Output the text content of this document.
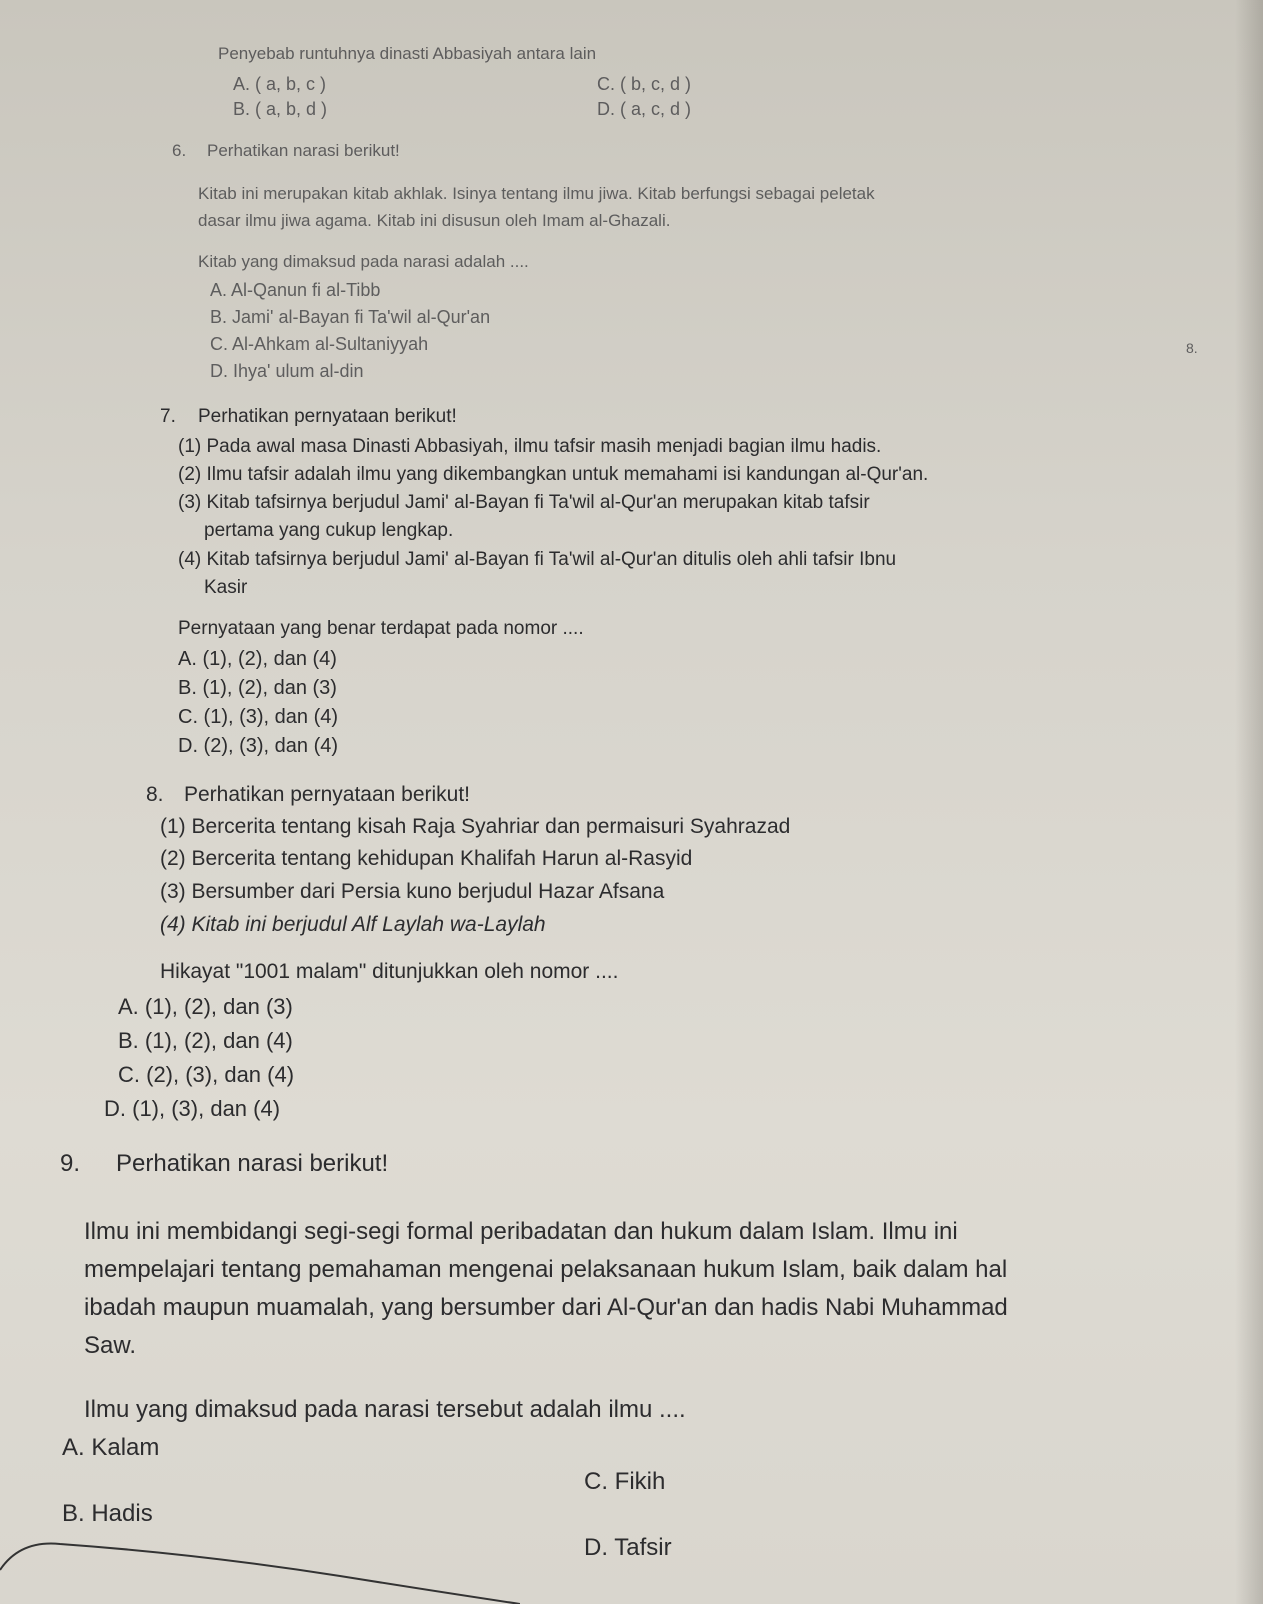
Penyebab runtuhnya dinasti Abbasiyah antara lain
A. ( a, b, c )	C. ( b, c, d )
B. ( a, b, d )	D. ( a, c, d )
6. Perhatikan narasi berikut!
Kitab ini merupakan kitab akhlak. Isinya tentang ilmu jiwa. Kitab berfungsi sebagai peletak
dasar ilmu jiwa agama. Kitab ini disusun oleh Imam al-Ghazali.
Kitab yang dimaksud pada narasi adalah ....
A. Al-Qanun fi al-Tibb
B. Jami' al-Bayan fi Ta'wil al-Qur'an
C. Al-Ahkam al-Sultaniyyah
D. Ihya' ulum al-din
8.
7. Perhatikan pernyataan berikut!
(1) Pada awal masa Dinasti Abbasiyah, ilmu tafsir masih menjadi bagian ilmu hadis.
(2) Ilmu tafsir adalah ilmu yang dikembangkan untuk memahami isi kandungan al-Qur'an.
(3) Kitab tafsirnya berjudul Jami' al-Bayan fi Ta'wil al-Qur'an merupakan kitab tafsir
pertama yang cukup lengkap.
(4) Kitab tafsirnya berjudul Jami' al-Bayan fi Ta'wil al-Qur'an ditulis oleh ahli tafsir Ibnu
Kasir
Pernyataan yang benar terdapat pada nomor ....
A. (1), (2), dan (4)
B. (1), (2), dan (3)
C. (1), (3), dan (4)
D. (2), (3), dan (4)
8. Perhatikan pernyataan berikut!
(1) Bercerita tentang kisah Raja Syahriar dan permaisuri Syahrazad
(2) Bercerita tentang kehidupan Khalifah Harun al-Rasyid
(3) Bersumber dari Persia kuno berjudul Hazar Afsana
(4) Kitab ini berjudul Alf Laylah wa-Laylah
Hikayat "1001 malam" ditunjukkan oleh nomor ....
A. (1), (2), dan (3)
B. (1), (2), dan (4)
C. (2), (3), dan (4)
D. (1), (3), dan (4)
9. Perhatikan narasi berikut!
Ilmu ini membidangi segi-segi formal peribadatan dan hukum dalam Islam. Ilmu ini
mempelajari tentang pemahaman mengenai pelaksanaan hukum Islam, baik dalam hal
ibadah maupun muamalah, yang bersumber dari Al-Qur'an dan hadis Nabi Muhammad
Saw.
Ilmu yang dimaksud pada narasi tersebut adalah ilmu ....
A. Kalam
C. Fikih
B. Hadis
D. Tafsir
